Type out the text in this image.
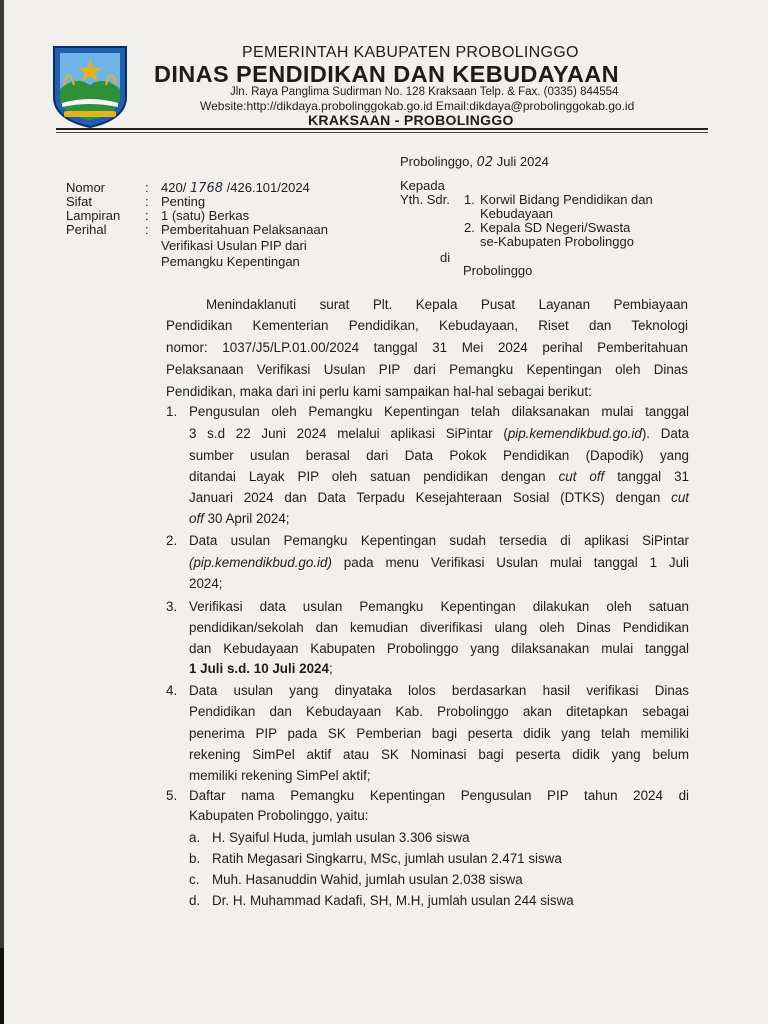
PEMERINTAH KABUPATEN PROBOLINGGO
DINAS PENDIDIKAN DAN KEBUDAYAAN
Jln. Raya Panglima Sudirman No. 128 Kraksaan Telp. & Fax. (0335) 844554
Website:http://dikdaya.probolinggokab.go.id Email:dikdaya@probolinggokab.go.id
KRAKSAAN - PROBOLINGGO
Probolinggo, 02 Juli 2024
Nomor	: 420/ 1768 /426.101/2024
Sifat	: Penting
Lampiran : 1 (satu) Berkas
Perihal	: Pemberitahuan Pelaksanaan
Verifikasi Usulan PIP dari
Pemangku Kepentingan
Kepada
Yth. Sdr. 1. Korwil Bidang Pendidikan dan
Kebudayaan
2. Kepala SD Negeri/Swasta
se-Kabupaten Probolinggo
di
Probolinggo
Menindaklanuti surat Plt. Kepala Pusat Layanan Pembiayaan
Pendidikan Kementerian Pendidikan, Kebudayaan, Riset dan Teknologi
nomor: 1037/J5/LP.01.00/2024 tanggal 31 Mei 2024 perihal Pemberitahuan
Pelaksanaan Verifikasi Usulan PIP dari Pemangku Kepentingan oleh Dinas
Pendidikan, maka dari ini perlu kami sampaikan hal-hal sebagai berikut:
1. Pengusulan oleh Pemangku Kepentingan telah dilaksanakan mulai tanggal
3 s.d 22 Juni 2024 melalui aplikasi SiPintar (pip.kemendikbud.go.id). Data
sumber usulan berasal dari Data Pokok Pendidikan (Dapodik) yang
ditandai Layak PIP oleh satuan pendidikan dengan cut off tanggal 31
Januari 2024 dan Data Terpadu Kesejahteraan Sosial (DTKS) dengan cut
off 30 April 2024;
2. Data usulan Pemangku Kepentingan sudah tersedia di aplikasi SiPintar
(pip.kemendikbud.go.id) pada menu Verifikasi Usulan mulai tanggal 1 Juli
2024;
3. Verifikasi data usulan Pemangku Kepentingan dilakukan oleh satuan
pendidikan/sekolah dan kemudian diverifikasi ulang oleh Dinas Pendidikan
dan Kebudayaan Kabupaten Probolinggo yang dilaksanakan mulai tanggal
1 Juli s.d. 10 Juli 2024;
4. Data usulan yang dinyataka lolos berdasarkan hasil verifikasi Dinas
Pendidikan dan Kebudayaan Kab. Probolinggo akan ditetapkan sebagai
penerima PIP pada SK Pemberian bagi peserta didik yang telah memiliki
rekening SimPel aktif atau SK Nominasi bagi peserta didik yang belum
memiliki rekening SimPel aktif;
5. Daftar nama Pemangku Kepentingan Pengusulan PIP tahun 2024 di
Kabupaten Probolinggo, yaitu:
a. H. Syaiful Huda, jumlah usulan 3.306 siswa
b. Ratih Megasari Singkarru, MSc, jumlah usulan 2.471 siswa
c. Muh. Hasanuddin Wahid, jumlah usulan 2.038 siswa
d. Dr. H. Muhammad Kadafi, SH, M.H, jumlah usulan 244 siswa
